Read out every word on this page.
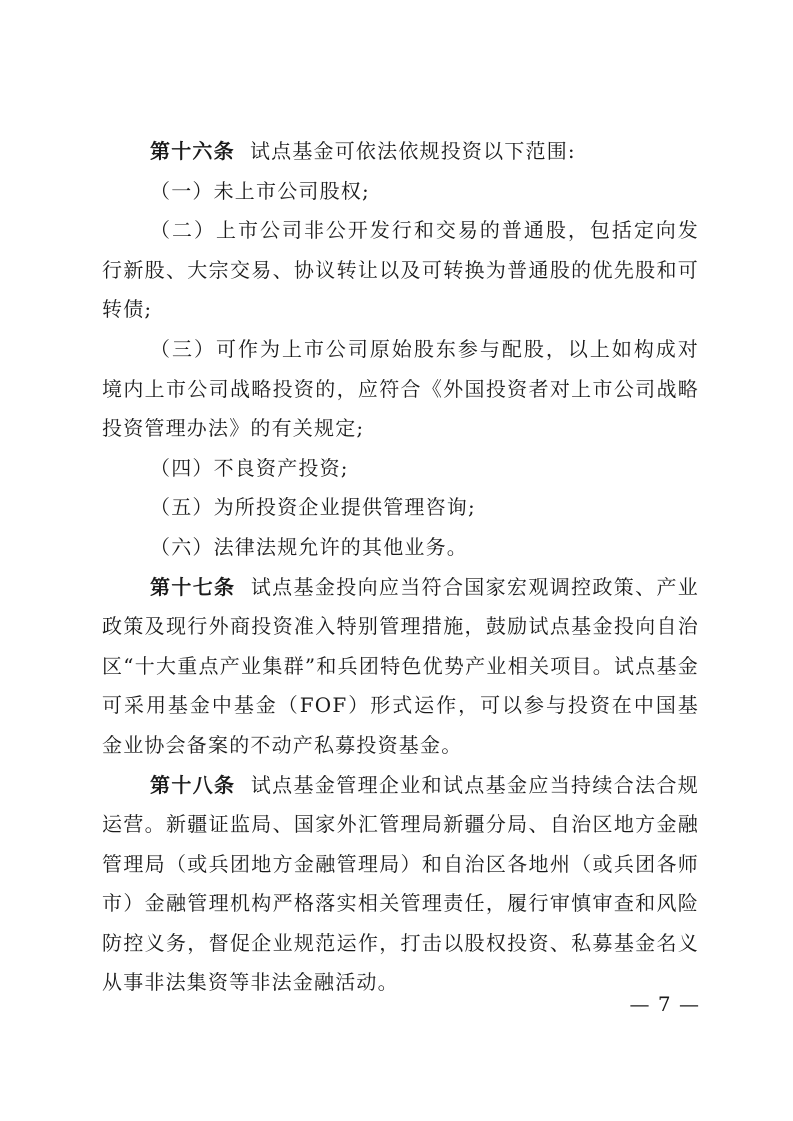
第十六条 试点基金可依法依规投资以下范围:

（一）未上市公司股权;

（二）上市公司非公开发行和交易的普通股，包括定向发行新股、大宗交易、协议转让以及可转换为普通股的优先股和可转债;

（三）可作为上市公司原始股东参与配股，以上如构成对境内上市公司战略投资的，应符合《外国投资者对上市公司战略投资管理办法》的有关规定;

（四）不良资产投资;

（五）为所投资企业提供管理咨询;

（六）法律法规允许的其他业务。

第十七条 试点基金投向应当符合国家宏观调控政策、产业政策及现行外商投资准入特别管理措施，鼓励试点基金投向自治区“十大重点产业集群”和兵团特色优势产业相关项目。试点基金可采用基金中基金（FOF）形式运作，可以参与投资在中国基金业协会备案的不动产私募投资基金。

第十八条 试点基金管理企业和试点基金应当持续合法合规运营。新疆证监局、国家外汇管理局新疆分局、自治区地方金融管理局（或兵团地方金融管理局）和自治区各地州（或兵团各师市）金融管理机构严格落实相关管理责任，履行审慎审查和风险防控义务，督促企业规范运作，打击以股权投资、私募基金名义从事非法集资等非法金融活动。

— 7 —
